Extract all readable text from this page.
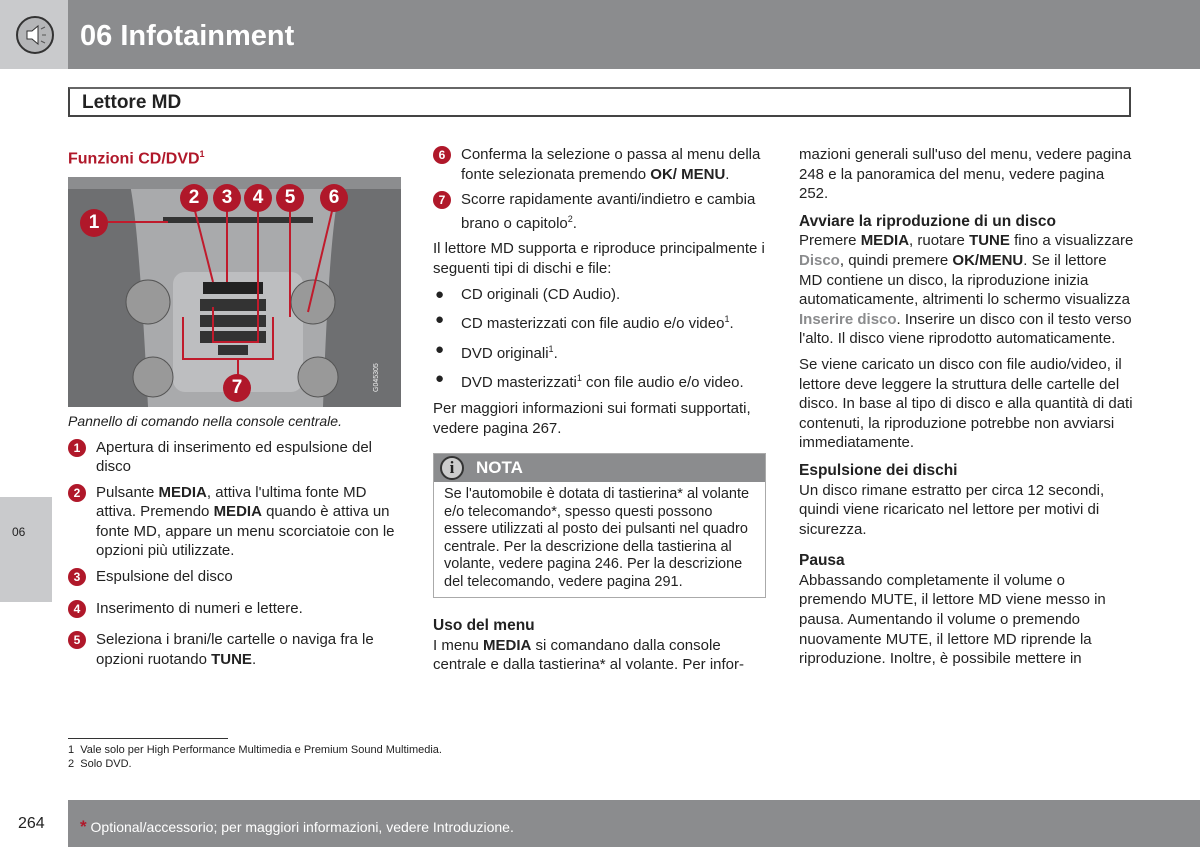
06 Infotainment
Lettore MD
06
Funzioni CD/DVD$^1$
G045305
1
2	3	4	5	6
7
Pannello di comando nella console centrale.
1	Apertura di inserimento ed espulsione del disco
2	Pulsante MEDIA, attiva l'ultima fonte MD attiva. Premendo MEDIA quando è attiva un fonte MD, appare un menu scorciatoie con le opzioni più utilizzate.
3	Espulsione del disco
4	Inserimento di numeri e lettere.
5	Seleziona i brani/le cartelle o naviga fra le opzioni ruotando TUNE.
6	Conferma la selezione o passa al menu della fonte selezionata premendo OK/ MENU.
7	Scorre rapidamente avanti/indietro e cambia brano o capitolo$^2$.

Il lettore MD supporta e riproduce principalmente i seguenti tipi di dischi e file:

●	CD originali (CD Audio).
●	CD masterizzati con file audio e/o video$^1$.
●	DVD originali$^1$.
●	DVD masterizzati$^1$ con file audio e/o video.

Per maggiori informazioni sui formati supportati, vedere pagina 267.

i	NOTA
Se l'automobile è dotata di tastierina* al volante e/o telecomando*, spesso questi possono essere utilizzati al posto dei pulsanti nel quadro centrale. Per la descrizione della tastierina al volante, vedere pagina 246. Per la descrizione del telecomando, vedere pagina 291.
Uso del menu
I menu MEDIA si comandano dalla console centrale e dalla tastierina* al volante. Per infor-
mazioni generali sull'uso del menu, vedere pagina 248 e la panoramica del menu, vedere pagina 252.
Avviare la riproduzione di un disco
Premere MEDIA, ruotare TUNE fino a visualizzare Disco, quindi premere OK/MENU. Se il lettore MD contiene un disco, la riproduzione inizia automaticamente, altrimenti lo schermo visualizza Inserire disco. Inserire un disco con il testo verso l'alto. Il disco viene riprodotto automaticamente.

Se viene caricato un disco con file audio/video, il lettore deve leggere la struttura delle cartelle del disco. In base al tipo di disco e alla quantità di dati contenuti, la riproduzione potrebbe non avviarsi immediatamente.

Espulsione dei dischi
Un disco rimane estratto per circa 12 secondi, quindi viene ricaricato nel lettore per motivi di sicurezza.
Pausa
Abbassando completamente il volume o premendo MUTE, il lettore MD viene messo in pausa. Aumentando il volume o premendo nuovamente MUTE, il lettore MD riprende la riproduzione. Inoltre, è possibile mettere in
1 Vale solo per High Performance Multimedia e Premium Sound Multimedia.
2 Solo DVD.
264	* Optional/accessorio; per maggiori informazioni, vedere Introduzione.
